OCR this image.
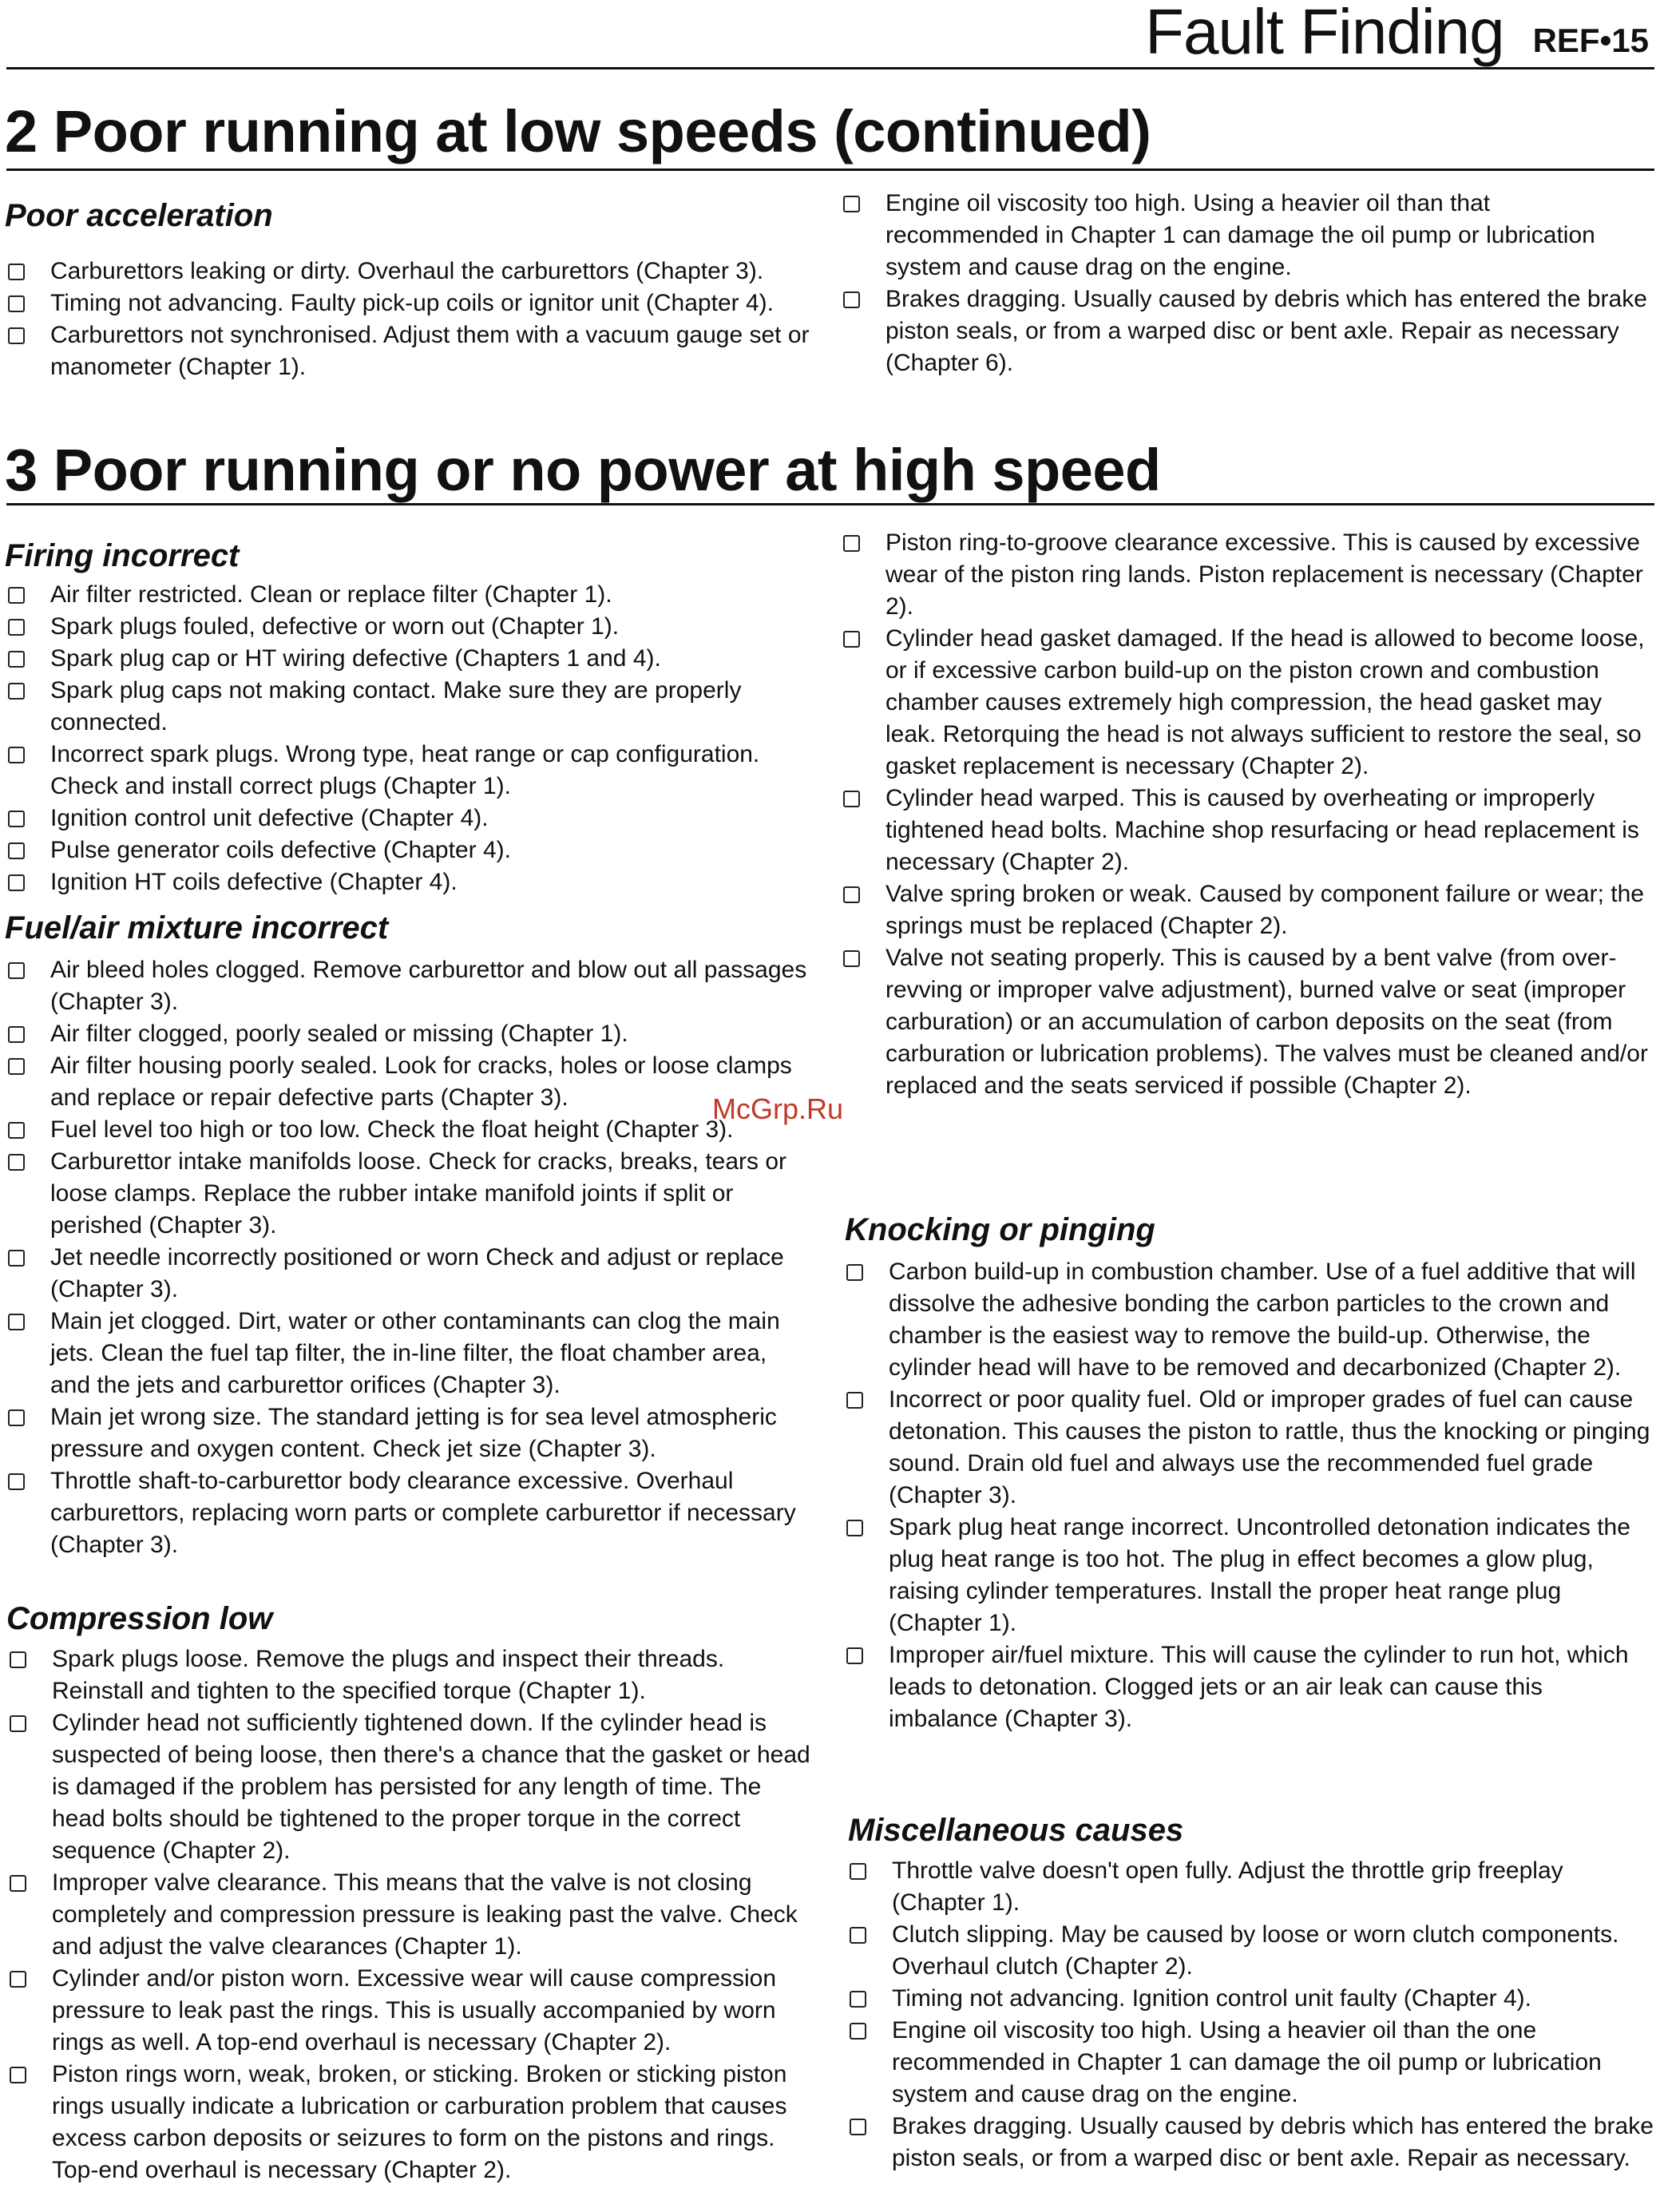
Fault Finding REF•15
2 Poor running at low speeds (continued)
Poor acceleration
Carburettors leaking or dirty. Overhaul the carburettors (Chapter 3).
Timing not advancing. Faulty pick-up coils or ignitor unit (Chapter 4).
Carburettors not synchronised. Adjust them with a vacuum gauge set or manometer (Chapter 1).
Engine oil viscosity too high. Using a heavier oil than that recommended in Chapter 1 can damage the oil pump or lubrication system and cause drag on the engine.
Brakes dragging. Usually caused by debris which has entered the brake piston seals, or from a warped disc or bent axle. Repair as necessary (Chapter 6).
3 Poor running or no power at high speed
Firing incorrect
Air filter restricted. Clean or replace filter (Chapter 1).
Spark plugs fouled, defective or worn out (Chapter 1).
Spark plug cap or HT wiring defective (Chapters 1 and 4).
Spark plug caps not making contact. Make sure they are properly connected.
Incorrect spark plugs. Wrong type, heat range or cap configuration. Check and install correct plugs (Chapter 1).
Ignition control unit defective (Chapter 4).
Pulse generator coils defective (Chapter 4).
Ignition HT coils defective (Chapter 4).
Fuel/air mixture incorrect
Air bleed holes clogged. Remove carburettor and blow out all passages (Chapter 3).
Air filter clogged, poorly sealed or missing (Chapter 1).
Air filter housing poorly sealed. Look for cracks, holes or loose clamps and replace or repair defective parts (Chapter 3).
Fuel level too high or too low. Check the float height (Chapter 3).
Carburettor intake manifolds loose. Check for cracks, breaks, tears or loose clamps. Replace the rubber intake manifold joints if split or perished (Chapter 3).
Jet needle incorrectly positioned or worn Check and adjust or replace (Chapter 3).
Main jet clogged. Dirt, water or other contaminants can clog the main jets. Clean the fuel tap filter, the in-line filter, the float chamber area, and the jets and carburettor orifices (Chapter 3).
Main jet wrong size. The standard jetting is for sea level atmospheric pressure and oxygen content. Check jet size (Chapter 3).
Throttle shaft-to-carburettor body clearance excessive. Overhaul carburettors, replacing worn parts or complete carburettor if necessary (Chapter 3).
Compression low
Spark plugs loose. Remove the plugs and inspect their threads. Reinstall and tighten to the specified torque (Chapter 1).
Cylinder head not sufficiently tightened down. If the cylinder head is suspected of being loose, then there's a chance that the gasket or head is damaged if the problem has persisted for any length of time. The head bolts should be tightened to the proper torque in the correct sequence (Chapter 2).
Improper valve clearance. This means that the valve is not closing completely and compression pressure is leaking past the valve. Check and adjust the valve clearances (Chapter 1).
Cylinder and/or piston worn. Excessive wear will cause compression pressure to leak past the rings. This is usually accompanied by worn rings as well. A top-end overhaul is necessary (Chapter 2).
Piston rings worn, weak, broken, or sticking. Broken or sticking piston rings usually indicate a lubrication or carburation problem that causes excess carbon deposits or seizures to form on the pistons and rings. Top-end overhaul is necessary (Chapter 2).
Piston ring-to-groove clearance excessive. This is caused by excessive wear of the piston ring lands. Piston replacement is necessary (Chapter 2).
Cylinder head gasket damaged. If the head is allowed to become loose, or if excessive carbon build-up on the piston crown and combustion chamber causes extremely high compression, the head gasket may leak. Retorquing the head is not always sufficient to restore the seal, so gasket replacement is necessary (Chapter 2).
Cylinder head warped. This is caused by overheating or improperly tightened head bolts. Machine shop resurfacing or head replacement is necessary (Chapter 2).
Valve spring broken or weak. Caused by component failure or wear; the springs must be replaced (Chapter 2).
Valve not seating properly. This is caused by a bent valve (from over-revving or improper valve adjustment), burned valve or seat (improper carburation) or an accumulation of carbon deposits on the seat (from carburation or lubrication problems). The valves must be cleaned and/or replaced and the seats serviced if possible (Chapter 2).
McGrp.Ru
Knocking or pinging
Carbon build-up in combustion chamber. Use of a fuel additive that will dissolve the adhesive bonding the carbon particles to the crown and chamber is the easiest way to remove the build-up. Otherwise, the cylinder head will have to be removed and decarbonized (Chapter 2).
Incorrect or poor quality fuel. Old or improper grades of fuel can cause detonation. This causes the piston to rattle, thus the knocking or pinging sound. Drain old fuel and always use the recommended fuel grade (Chapter 3).
Spark plug heat range incorrect. Uncontrolled detonation indicates the plug heat range is too hot. The plug in effect becomes a glow plug, raising cylinder temperatures. Install the proper heat range plug (Chapter 1).
Improper air/fuel mixture. This will cause the cylinder to run hot, which leads to detonation. Clogged jets or an air leak can cause this imbalance (Chapter 3).
Miscellaneous causes
Throttle valve doesn't open fully. Adjust the throttle grip freeplay (Chapter 1).
Clutch slipping. May be caused by loose or worn clutch components. Overhaul clutch (Chapter 2).
Timing not advancing. Ignition control unit faulty (Chapter 4).
Engine oil viscosity too high. Using a heavier oil than the one recommended in Chapter 1 can damage the oil pump or lubrication system and cause drag on the engine.
Brakes dragging. Usually caused by debris which has entered the brake piston seals, or from a warped disc or bent axle. Repair as necessary.
